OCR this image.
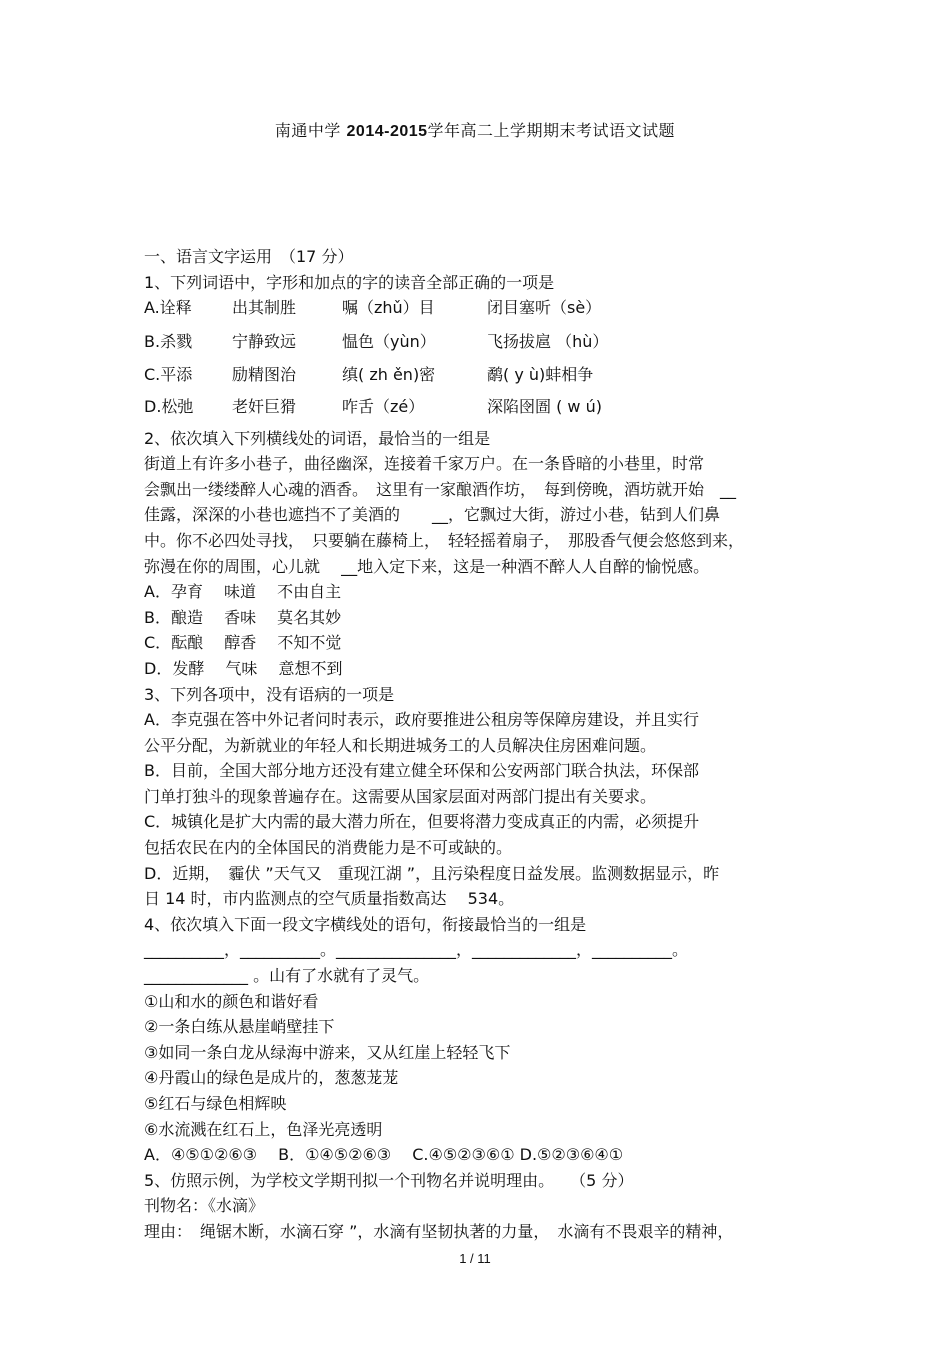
南通中学 2014-2015学年高二上学期期末考试语文试题
一、语言文字运用　（17 分）
1、下列词语中，字形和加点的字的读音全部正确的一项是
A.诠释	出其制胜	嘱（zhǔ）目	闭目塞听（sè）
B.杀戮	宁静致远	愠色（yùn）	飞扬拔扈 （hù）
C.平添	励精图治	缜( zh ěn)密	鹬( y ù)蚌相争
D.松弛	老奸巨猾	咋舌（zé）	深陷囹圄 ( w ú)
2、依次填入下列横线处的词语，最恰当的一组是
街道上有许多小巷子，曲径幽深，连接着千家万户。在一条昏暗的小巷里，时常
会飘出一缕缕醉人心魂的酒香。　这里有一家酿酒作坊，　每到傍晚，酒坊就开始　__
佳露，深深的小巷也遮挡不了美酒的　　__，它飘过大街，游过小巷，钻到人们鼻
中。你不必四处寻找，　只要躺在藤椅上，　轻轻摇着扇子，　那股香气便会悠悠到来，
弥漫在你的周围，心儿就　 __地入定下来，这是一种酒不醉人人自醉的愉悦感。
A．孕育　 味道　 不由自主
B．酿造　 香味　 莫名其妙
C．酝酿　 醇香　 不知不觉
D．发酵　 气味　 意想不到
3、下列各项中，没有语病的一项是
A．李克强在答中外记者问时表示，政府要推进公租房等保障房建设，并且实行
公平分配，为新就业的年轻人和长期进城务工的人员解决住房困难问题。
B．目前，全国大部分地方还没有建立健全环保和公安两部门联合执法，环保部
门单打独斗的现象普遍存在。这需要从国家层面对两部门提出有关要求。
C．城镇化是扩大内需的最大潜力所在，但要将潜力变成真正的内需，必须提升
包括农民在内的全体国民的消费能力是不可或缺的。
D．近期，　霾伏 ”天气又　重现江湖 ”，且污染程度日益发展。监测数据显示，昨
日 14 时，市内监测点的空气质量指数高达　 534。
4、依次填入下面一段文字横线处的语句，衔接最恰当的一组是
__________，__________。_______________，_____________，__________。
_____________ 。山有了水就有了灵气。
①山和水的颜色和谐好看
②一条白练从悬崖峭壁挂下
③如同一条白龙从绿海中游来，又从红崖上轻轻飞下
④丹霞山的绿色是成片的，葱葱茏茏
⑤红石与绿色相辉映
⑥水流溅在红石上，色泽光亮透明
A．④⑤①②⑥③　 B．①④⑤②⑥③　 C.④⑤②③⑥① D.⑤②③⑥④①
5、仿照示例，为学校文学期刊拟一个刊物名并说明理由。　　（5 分）
刊物名：《水滴》
理由：　绳锯木断，水滴石穿 ”，水滴有坚韧执著的力量，　水滴有不畏艰辛的精神，
1 / 11
